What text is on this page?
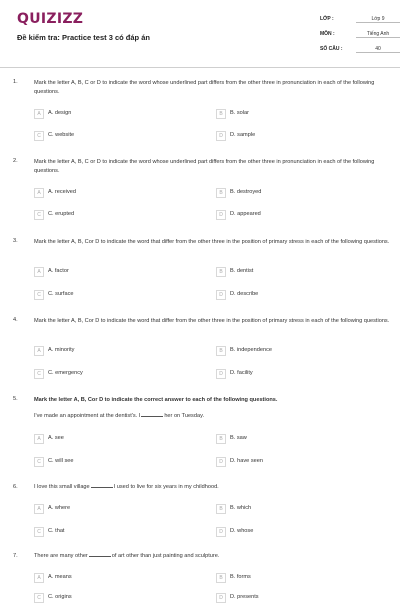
QUIZIZZ
Đề kiểm tra: Practice test 3 có đáp án
LỚP :	Lớp 9
MÔN :	Tiếng Anh
SỐ CÂU :	40
1.	Mark the letter A, B, C or D to indicate the word whose underlined part differs from the other three in pronunciation in each of the following questions.
A	A. design	B	B. solar
C	C. website	D	D. sample
2.	Mark the letter A, B, C or D to indicate the word whose underlined part differs from the other three in pronunciation in each of the following questions.
A	A. received	B	B. destroyed
C	C. erupted	D	D. appeared
3.	Mark the letter A, B, Cor D to indicate the word that differ from the other three in the position of primary stress in each of the following questions.
A	A. factor	B	B. dentist
C	C. surface	D	D. describe
4.	Mark the letter A, B, Cor D to indicate the word that differ from the other three in the position of primary stress in each of the following questions.
A	A. minority	B	B. independence
C	C. emergency	D	D. facility
5.	Mark the letter A, B, Cor D to indicate the correct answer to each of the following questions.
I've made an appointment at the dentist's. I	her on Tuesday.
A	A. see	B	B. saw
C	C. will see	D	D. have seen
6.	I love this small village	I used to live for six years in my childhood.
A	A. where	B	B. which
C	C. that	D	D. whose
7.	There are many other	of art other than just painting and sculpture.
A	A. means	B	B. forms
C	C. origins	D	D. presents
